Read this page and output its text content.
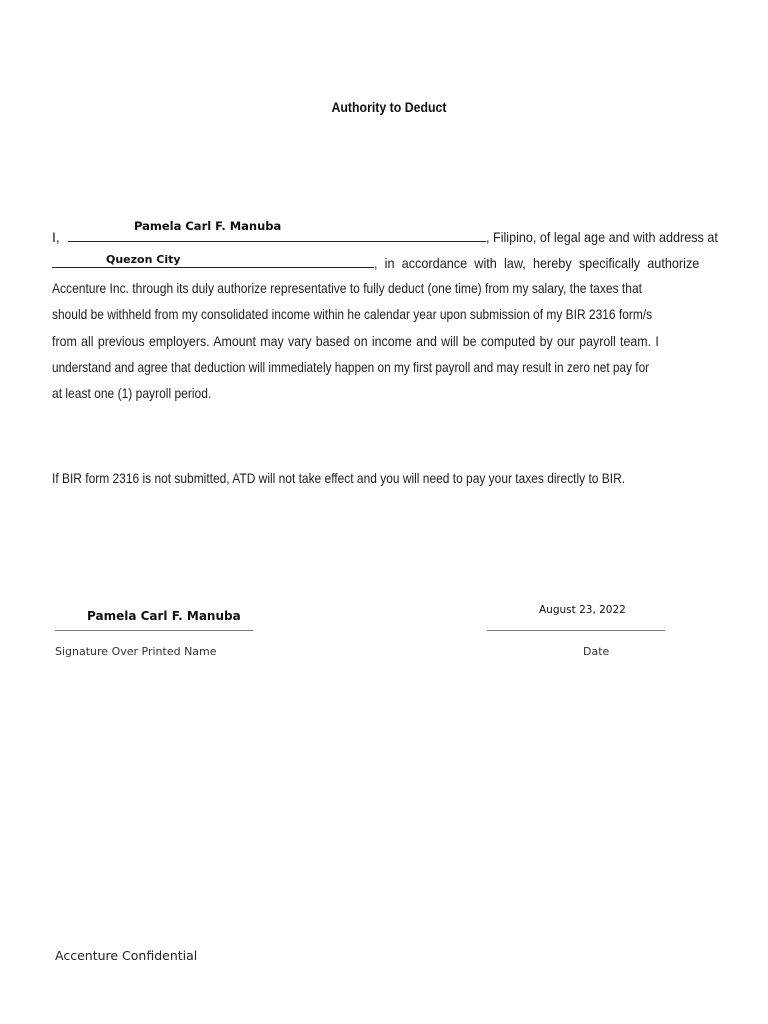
Authority to Deduct
Pamela Carl F. Manuba
I,	, Filipino, of legal age and with address at
Quezon City	, in accordance with law, hereby specifically authorize
Accenture Inc. through its duly authorize representative to fully deduct (one time) from my salary, the taxes that
should be withheld from my consolidated income within he calendar year upon submission of my BIR 2316 form/s
from all previous employers. Amount may vary based on income and will be computed by our payroll team. I
understand and agree that deduction will immediately happen on my first payroll and may result in zero net pay for
at least one (1) payroll period.
If BIR form 2316 is not submitted, ATD will not take effect and you will need to pay your taxes directly to BIR.
Pamela Carl F. Manuba
Signature Over Printed Name
August 23, 2022
Date
Accenture Confidential
